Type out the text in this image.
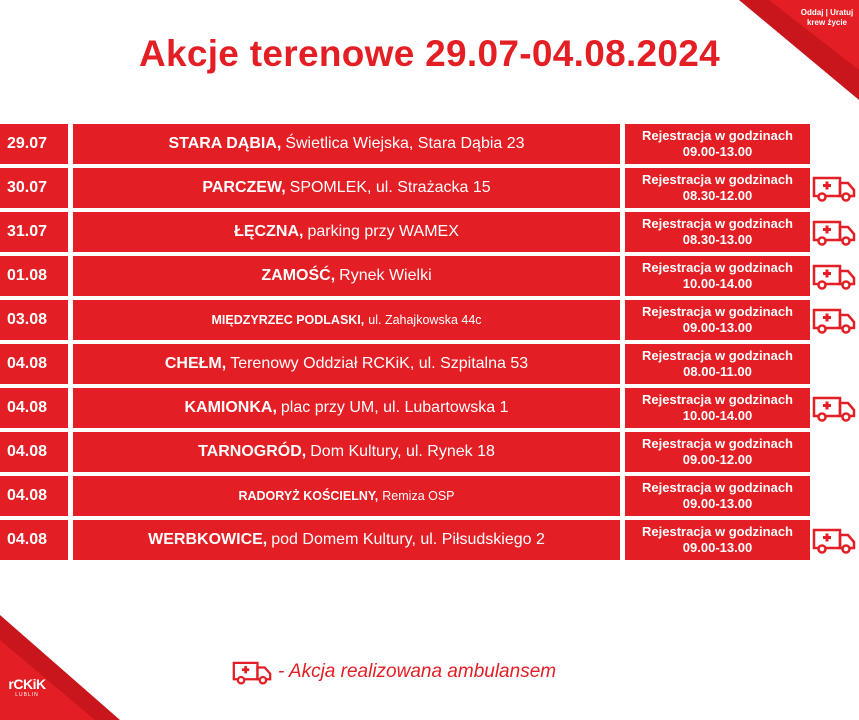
Oddaj | Uratuj
krew życie
Akcje terenowe 29.07-04.08.2024
29.07	STARA DĄBIA, Świetlica Wiejska, Stara Dąbia 23	Rejestracja w godzinach
09.00-13.00
30.07	PARCZEW, SPOMLEK, ul. Strażacka 15	Rejestracja w godzinach
08.30-12.00
31.07	ŁĘCZNA, parking przy WAMEX	Rejestracja w godzinach
08.30-13.00
01.08	ZAMOŚĆ, Rynek Wielki	Rejestracja w godzinach
10.00-14.00
03.08	MIĘDZYRZEC PODLASKI, ul. Zahajkowska 44c
Rejestracja w godzinach
09.00-13.00
04.08	CHEŁM, Terenowy Oddział RCKiK, ul. Szpitalna 53	Rejestracja w godzinach
08.00-11.00
04.08	KAMIONKA, plac przy UM, ul. Lubartowska 1	Rejestracja w godzinach
10.00-14.00
04.08	TARNOGRÓD, Dom Kultury, ul. Rynek 18	Rejestracja w godzinach
09.00-12.00
04.08	RADORYŻ KOŚCIELNY, Remiza OSP
Rejestracja w godzinach
09.00-13.00
04.08	WERBKOWICE, pod Domem Kultury, ul. Piłsudskiego 2	Rejestracja w godzinach
09.00-13.00
- Akcja realizowana ambulansem
rCKiK
LUBLIN
